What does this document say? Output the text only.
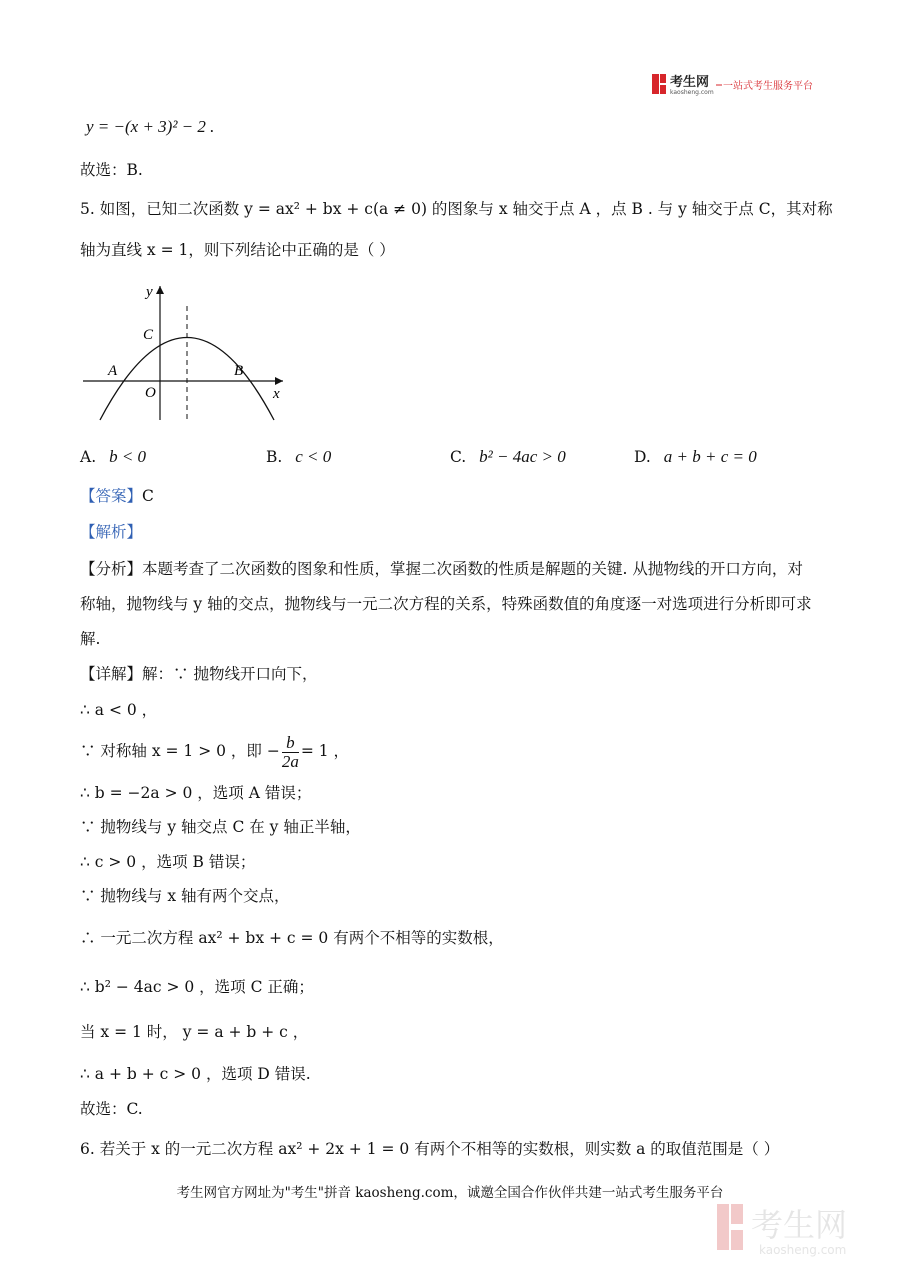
考生网
kaosheng.com
一站式考生服务平台
y = −(x + 3)² − 2 .
故选：B.
5. 如图，已知二次函数 y = ax² + bx + c(a ≠ 0) 的图象与 x 轴交于点 A ，点 B . 与 y 轴交于点 C，其对称
轴为直线 x = 1，则下列结论中正确的是（ ）
y
x
O
A	B
C
A. b < 0	B. c < 0	C. b² − 4ac > 0	D. a + b + c = 0
【答案】C
【解析】
【分析】本题考查了二次函数的图象和性质，掌握二次函数的性质是解题的关键. 从抛物线的开口方向，对
称轴，抛物线与 y 轴的交点，抛物线与一元二次方程的关系，特殊函数值的角度逐一对选项进行分析即可求
解.
【详解】解：∵ 抛物线开口向下，
∴ a < 0 ，
∵ 对称轴 x = 1 > 0 ，即 − $\frac{b}{2a} = 1$ ，
∴ b = −2a > 0 ，选项 A 错误；
∵ 抛物线与 y 轴交点 C 在 y 轴正半轴，
∴ c > 0 ，选项 B 错误；
∵ 抛物线与 x 轴有两个交点，
∴ 一元二次方程 ax² + bx + c = 0 有两个不相等的实数根，
∴ b² − 4ac > 0 ，选项 C 正确；
当 x = 1 时， y = a + b + c ，
∴ a + b + c > 0 ，选项 D 错误.
故选：C.
6. 若关于 x 的一元二次方程 ax² + 2x + 1 = 0 有两个不相等的实数根，则实数 a 的取值范围是（ ）
考生网官方网址为"考生"拼音 kaosheng.com，诚邀全国合作伙伴共建一站式考生服务平台
考生网
kaosheng.com
